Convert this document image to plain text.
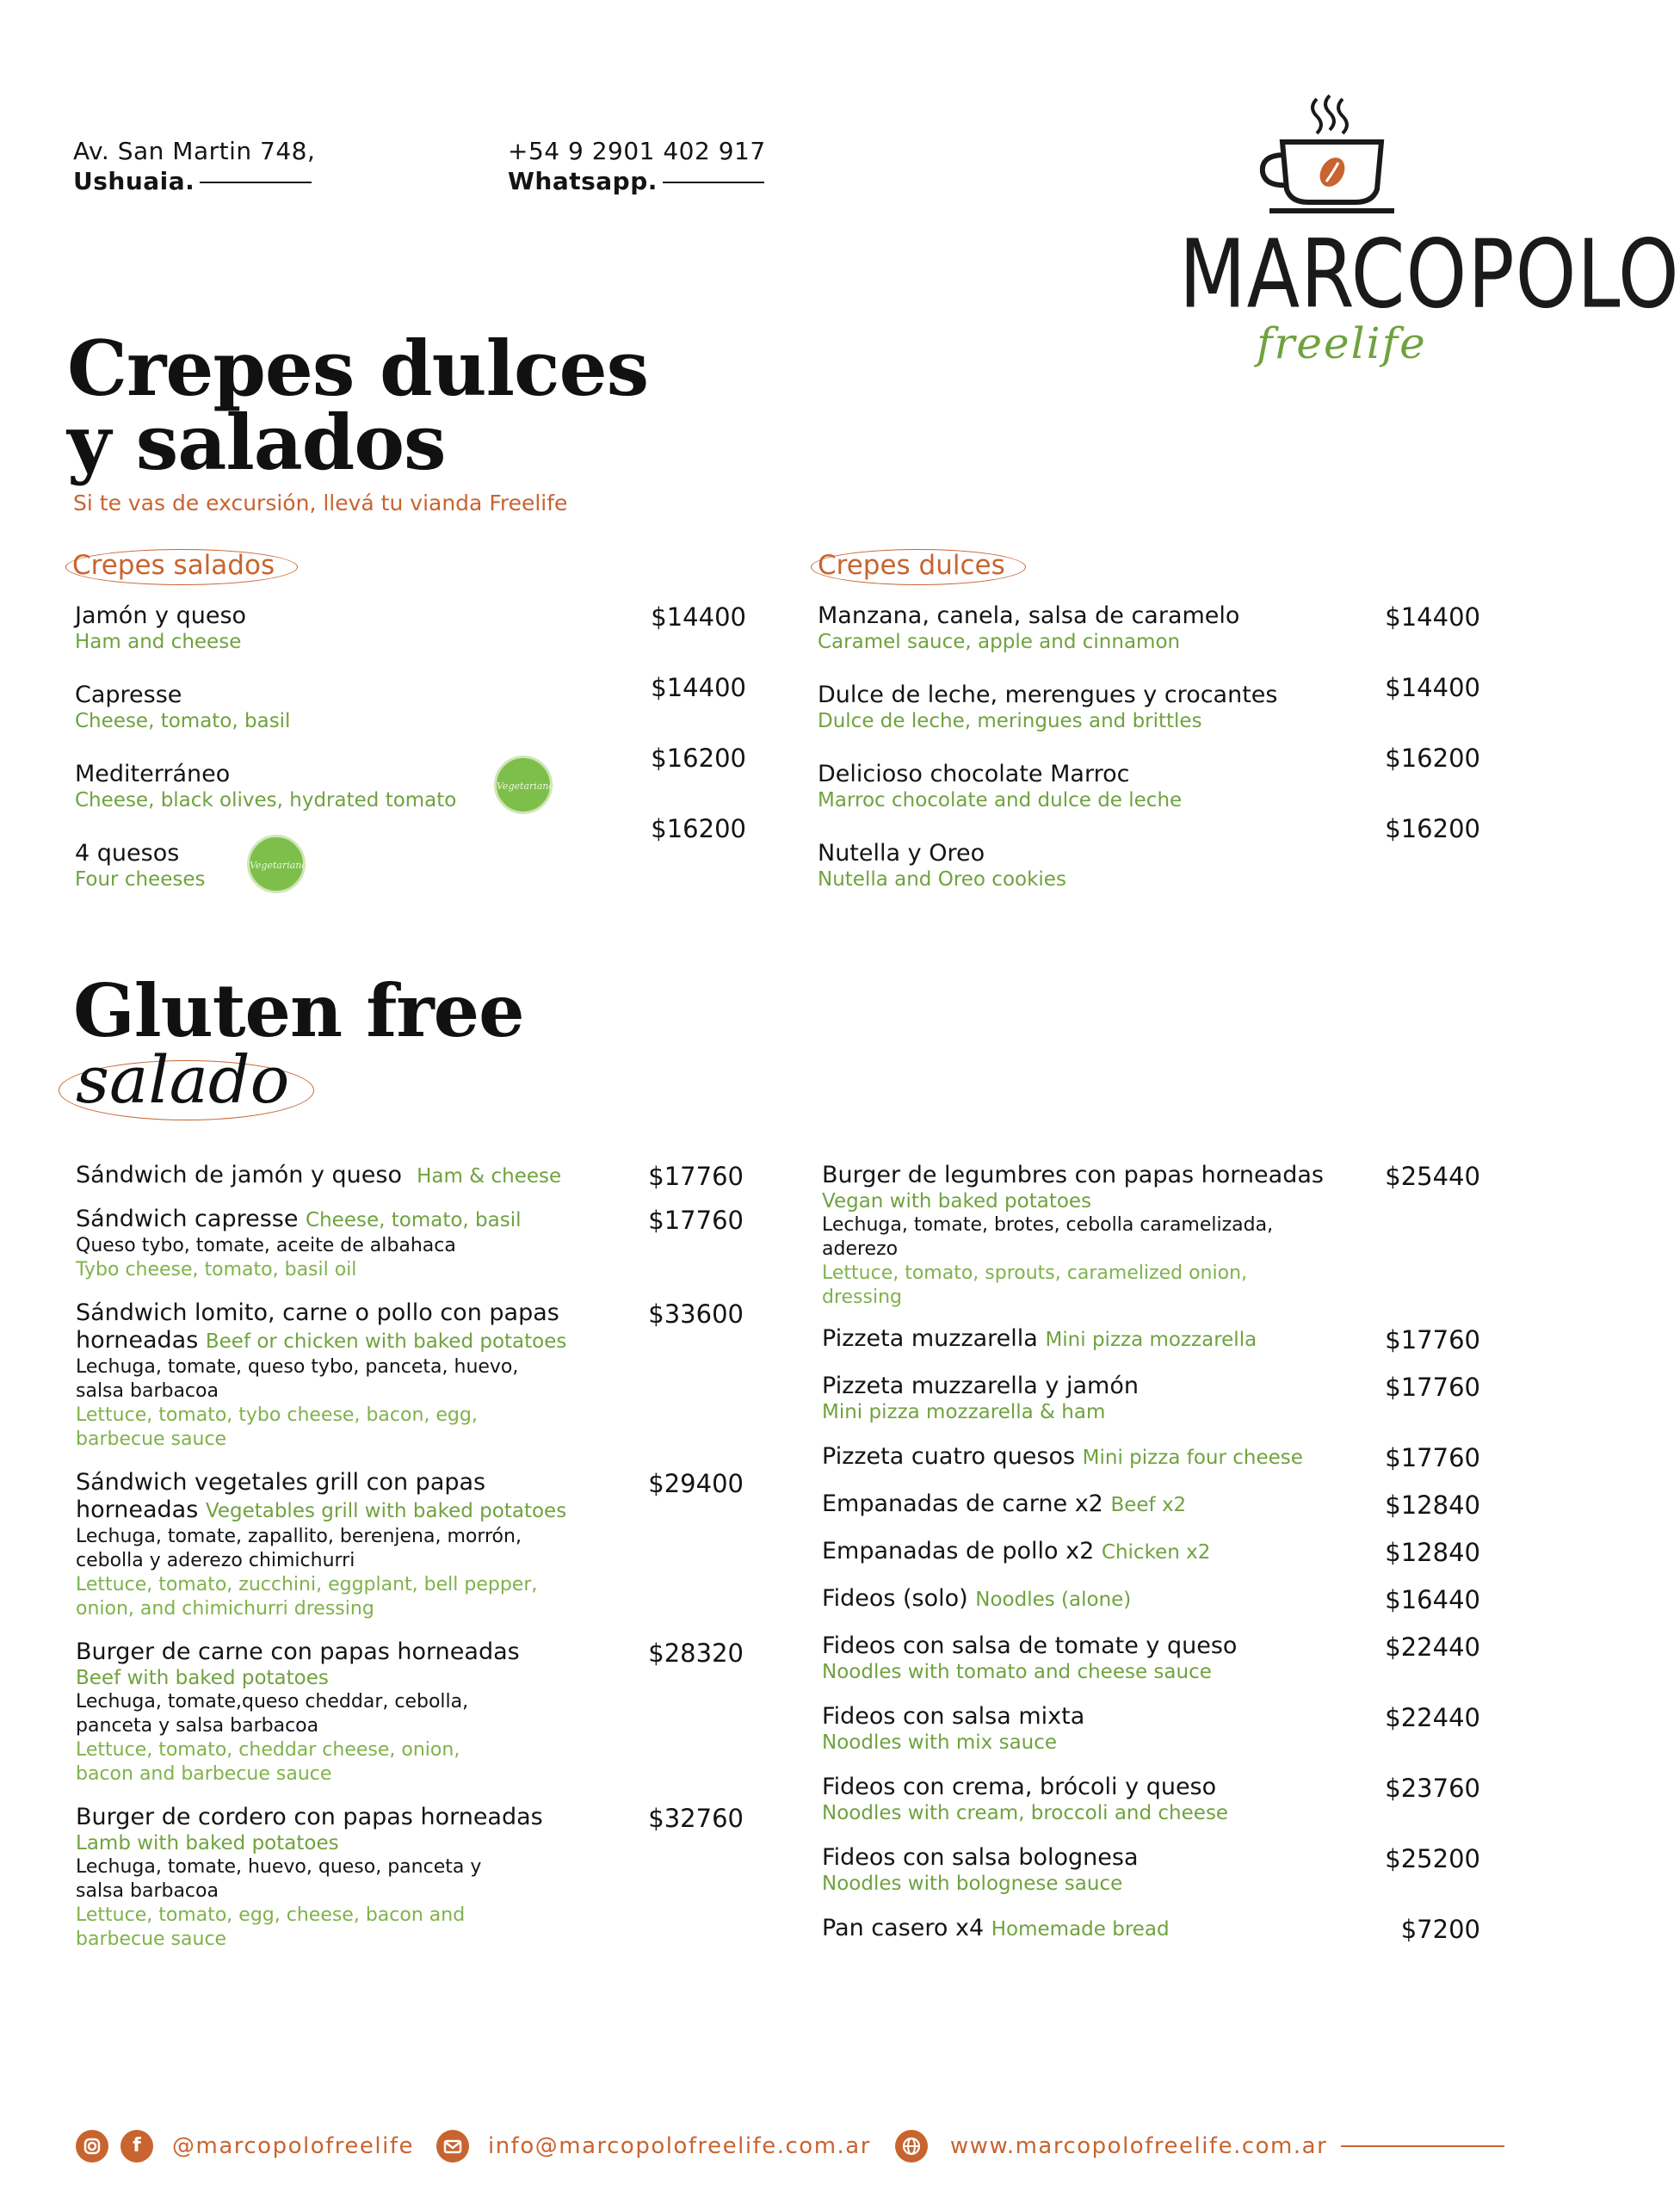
Av. San Martin 748,
Ushuaia.
+54 9 2901 402 917
Whatsapp.
MARCOPOLO
freelife
Crepes dulces
y salados
Si te vas de excursión, llevá tu vianda Freelife
Crepes salados
Jamón y queso
Ham and cheese
$14400
Capresse
Cheese, tomato, basil
$14400
Mediterráneo
Cheese, black olives, hydrated tomato
Vegetariano
$16200
4 quesos
Four cheeses
Vegetariano
$16200
Crepes dulces
Manzana, canela, salsa de caramelo
Caramel sauce, apple and cinnamon
$14400
Dulce de leche, merengues y crocantes
Dulce de leche, meringues and brittles
$14400
Delicioso chocolate Marroc
Marroc chocolate and dulce de leche
$16200
Nutella y Oreo
Nutella and Oreo cookies
$16200
Gluten free
salado
Sándwich de jamón y queso Ham & cheese	$17760
Sándwich capresse Cheese, tomato, basil
Queso tybo, tomate, aceite de albahaca
Tybo cheese, tomato, basil oil
$17760
Sándwich lomito, carne o pollo con papas
horneadas Beef or chicken with baked potatoes
Lechuga, tomate, queso tybo, panceta, huevo,
salsa barbacoa
Lettuce, tomato, tybo cheese, bacon, egg,
barbecue sauce
$33600
Sándwich vegetales grill con papas
horneadas Vegetables grill with baked potatoes
Lechuga, tomate, zapallito, berenjena, morrón,
cebolla y aderezo chimichurri
Lettuce, tomato, zucchini, eggplant, bell pepper,
onion, and chimichurri dressing
$29400
Burger de carne con papas horneadas
Beef with baked potatoes
Lechuga, tomate,queso cheddar, cebolla,
panceta y salsa barbacoa
Lettuce, tomato, cheddar cheese, onion,
bacon and barbecue sauce
$28320
Burger de cordero con papas horneadas
Lamb with baked potatoes
Lechuga, tomate, huevo, queso, panceta y
salsa barbacoa
Lettuce, tomato, egg, cheese, bacon and
barbecue sauce
$32760
Burger de legumbres con papas horneadas
Vegan with baked potatoes
Lechuga, tomate, brotes, cebolla caramelizada,
aderezo
Lettuce, tomato, sprouts, caramelized onion,
dressing
$25440
Pizzeta muzzarella Mini pizza mozzarella	$17760
Pizzeta muzzarella y jamón
Mini pizza mozzarella & ham
$17760
Pizzeta cuatro quesos Mini pizza four cheese	$17760
Empanadas de carne x2 Beef x2	$12840
Empanadas de pollo x2 Chicken x2	$12840
Fideos (solo) Noodles (alone)	$16440
Fideos con salsa de tomate y queso
Noodles with tomato and cheese sauce
$22440
Fideos con salsa mixta
Noodles with mix sauce
$22440
Fideos con crema, brócoli y queso
Noodles with cream, broccoli and cheese
$23760
Fideos con salsa bolognesa
Noodles with bolognese sauce
$25200
Pan casero x4 Homemade bread	$7200
f	@marcopolofreelife	info@marcopolofreelife.com.ar	www.marcopolofreelife.com.ar
